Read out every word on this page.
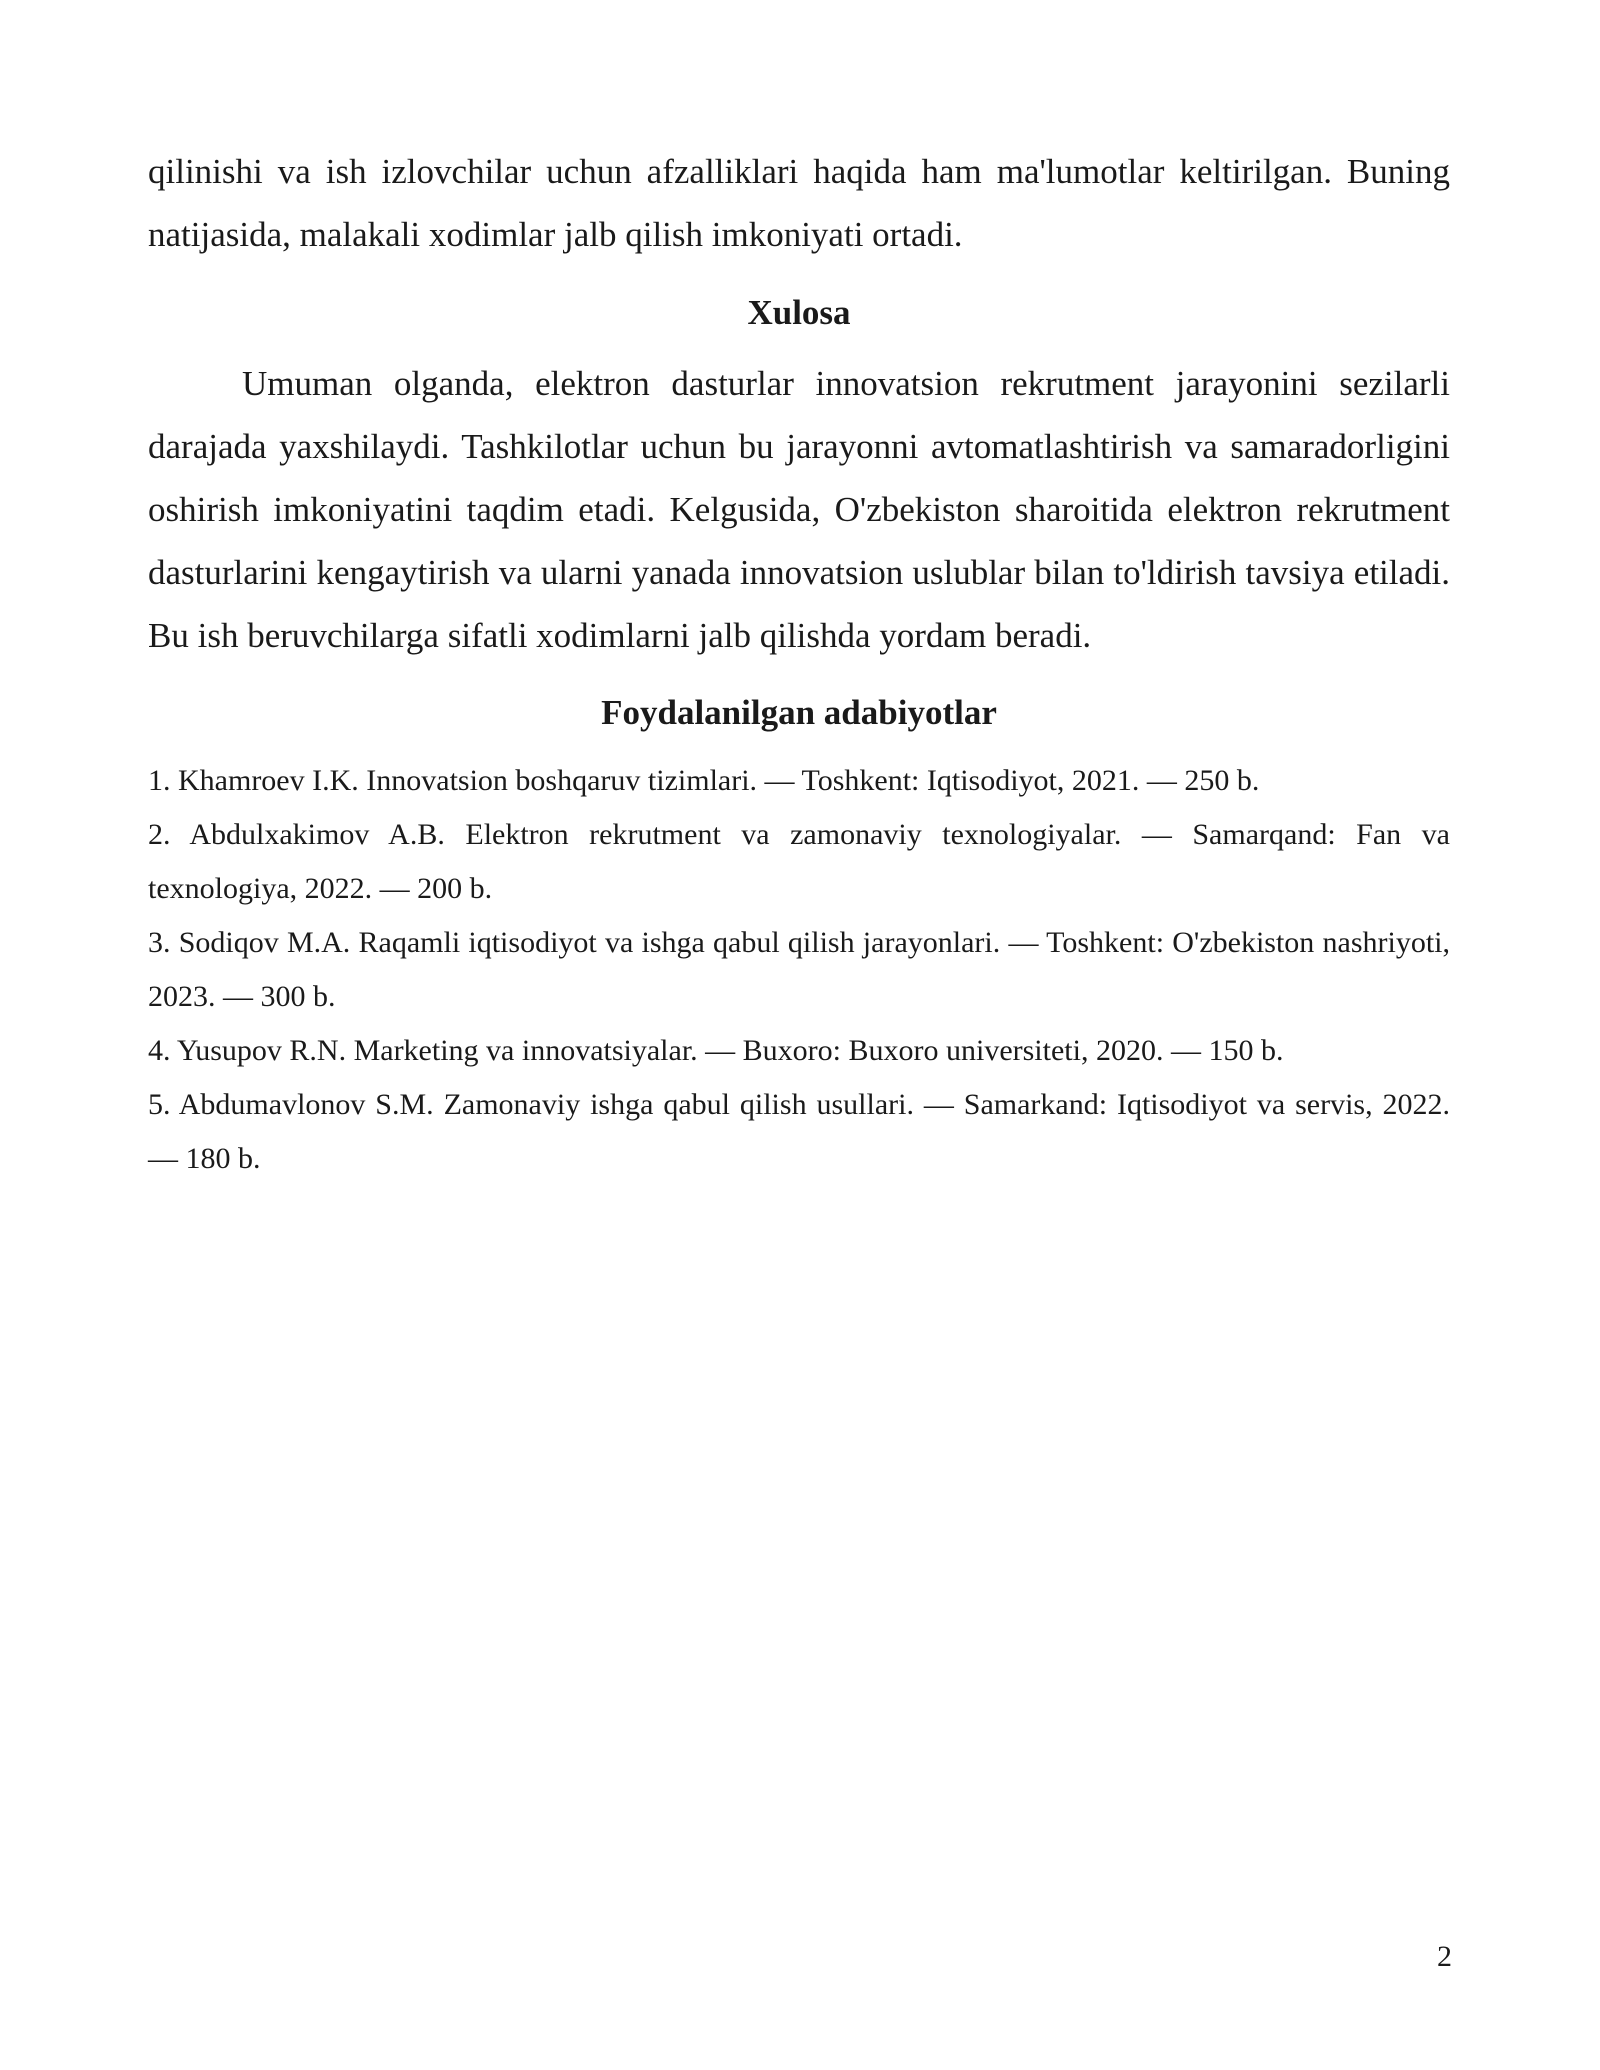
qilinishi va ish izlovchilar uchun afzalliklari haqida ham ma'lumotlar keltirilgan. Buning natijasida, malakali xodimlar jalb qilish imkoniyati ortadi.

Xulosa

Umuman olganda, elektron dasturlar innovatsion rekrutment jarayonini sezilarli darajada yaxshilaydi. Tashkilotlar uchun bu jarayonni avtomatlashtirish va samaradorligini oshirish imkoniyatini taqdim etadi. Kelgusida, O'zbekiston sharoitida elektron rekrutment dasturlarini kengaytirish va ularni yanada innovatsion uslublar bilan to'ldirish tavsiya etiladi. Bu ish beruvchilarga sifatli xodimlarni jalb qilishda yordam beradi.

Foydalanilgan adabiyotlar
1. Khamroev I.K. Innovatsion boshqaruv tizimlari. — Toshkent: Iqtisodiyot, 2021. — 250 b.
2. Abdulxakimov A.B. Elektron rekrutment va zamonaviy texnologiyalar. — Samarqand: Fan va texnologiya, 2022. — 200 b.
3. Sodiqov M.A. Raqamli iqtisodiyot va ishga qabul qilish jarayonlari. — Toshkent: O'zbekiston nashriyoti, 2023. — 300 b.
4. Yusupov R.N. Marketing va innovatsiyalar. — Buxoro: Buxoro universiteti, 2020. — 150 b.
5. Abdumavlonov S.M. Zamonaviy ishga qabul qilish usullari. — Samarkand: Iqtisodiyot va servis, 2022. — 180 b.
2
